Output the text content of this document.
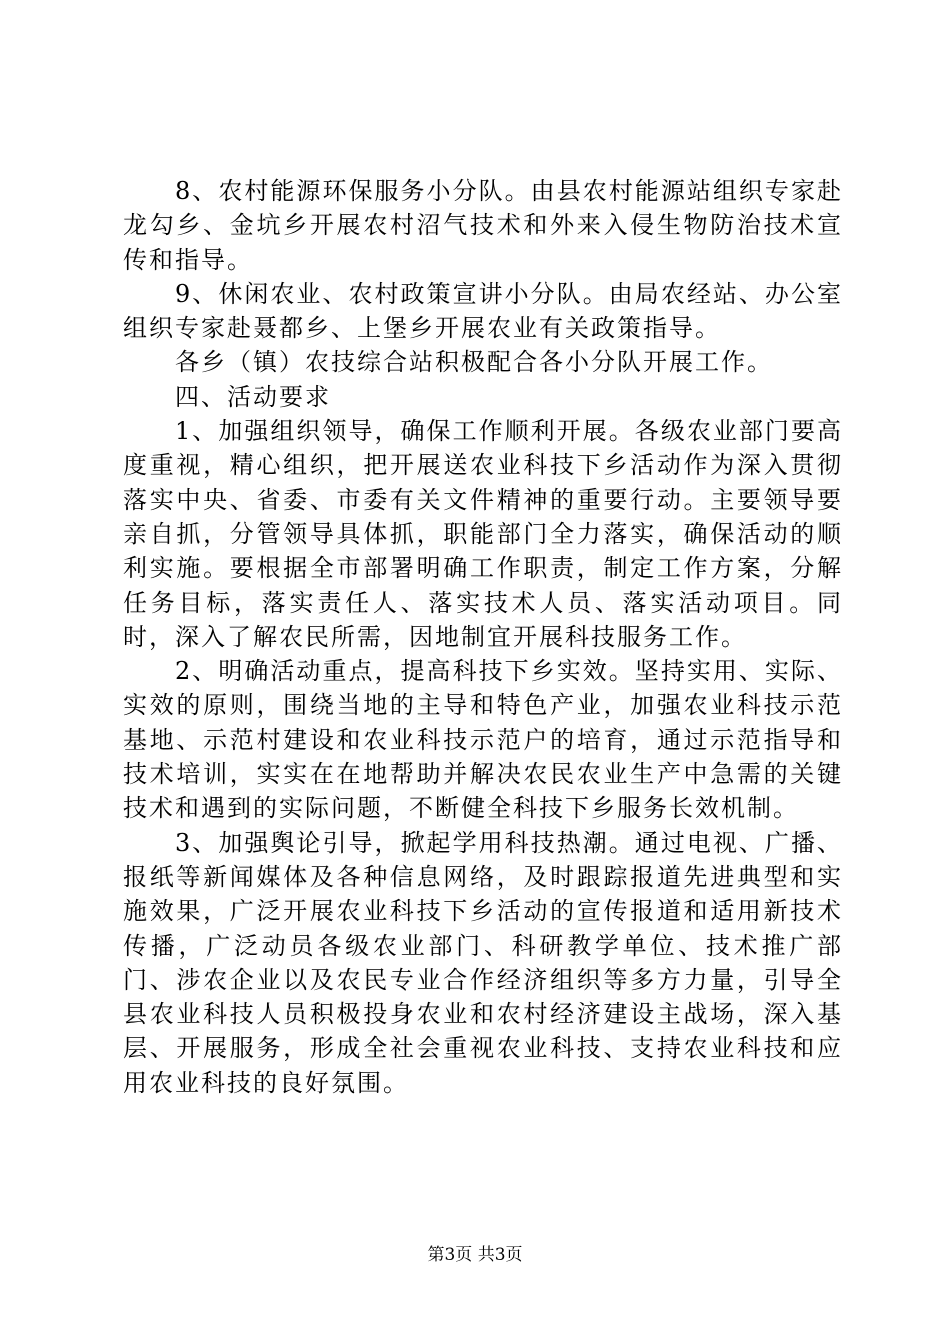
8、农村能源环保服务小分队。由县农村能源站组织专家赴龙勾乡、金坑乡开展农村沼气技术和外来入侵生物防治技术宣传和指导。

9、休闲农业、农村政策宣讲小分队。由局农经站、办公室组织专家赴聂都乡、上堡乡开展农业有关政策指导。

各乡（镇）农技综合站积极配合各小分队开展工作。

四、活动要求

1、加强组织领导，确保工作顺利开展。各级农业部门要高度重视，精心组织，把开展送农业科技下乡活动作为深入贯彻落实中央、省委、市委有关文件精神的重要行动。主要领导要亲自抓，分管领导具体抓，职能部门全力落实，确保活动的顺利实施。要根据全市部署明确工作职责，制定工作方案，分解任务目标，落实责任人、落实技术人员、落实活动项目。同时，深入了解农民所需，因地制宜开展科技服务工作。

2、明确活动重点，提高科技下乡实效。坚持实用、实际、实效的原则，围绕当地的主导和特色产业，加强农业科技示范基地、示范村建设和农业科技示范户的培育，通过示范指导和技术培训，实实在在地帮助并解决农民农业生产中急需的关键技术和遇到的实际问题，不断健全科技下乡服务长效机制。

3、加强舆论引导，掀起学用科技热潮。通过电视、广播、报纸等新闻媒体及各种信息网络，及时跟踪报道先进典型和实施效果，广泛开展农业科技下乡活动的宣传报道和适用新技术传播，广泛动员各级农业部门、科研教学单位、技术推广部门、涉农企业以及农民专业合作经济组织等多方力量，引导全县农业科技人员积极投身农业和农村经济建设主战场，深入基层、开展服务，形成全社会重视农业科技、支持农业科技和应用农业科技的良好氛围。

第3页 共3页
